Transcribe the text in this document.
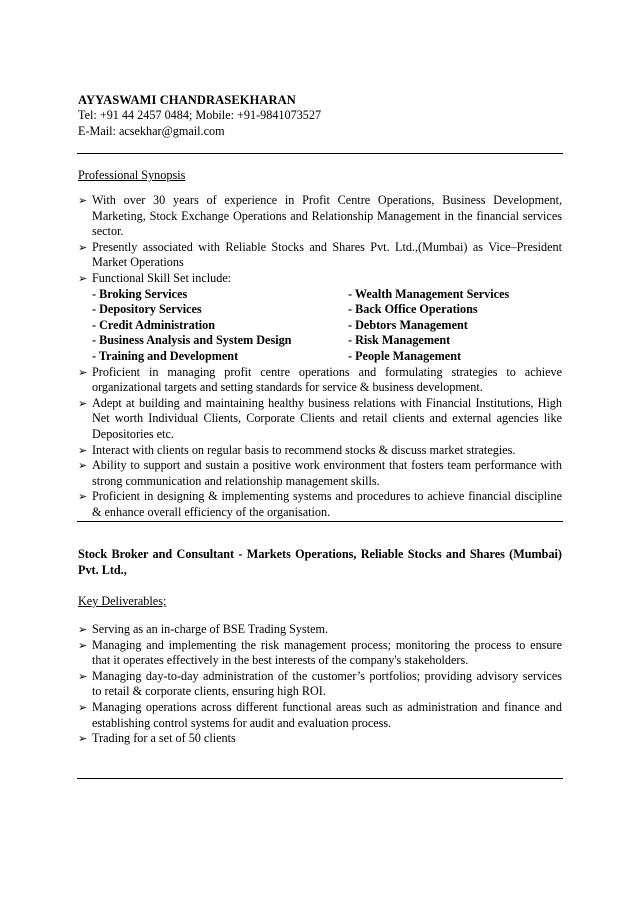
AYYASWAMI CHANDRASEKHARAN
Tel: +91 44 2457 0484; Mobile: +91-9841073527
E-Mail: acsekhar@gmail.com
Professional Synopsis
➢ With over 30 years of experience in Profit Centre Operations, Business Development, Marketing, Stock Exchange Operations and Relationship Management in the financial services sector.
➢ Presently associated with Reliable Stocks and Shares Pvt. Ltd.,(Mumbai) as Vice–President Market Operations
➢ Functional Skill Set include:
- Broking Services	- Wealth Management Services
- Depository Services	- Back Office Operations
- Credit Administration	- Debtors Management
- Business Analysis and System Design	- Risk Management
- Training and Development	- People Management
➢ Proficient in managing profit centre operations and formulating strategies to achieve organizational targets and setting standards for service & business development.
➢ Adept at building and maintaining healthy business relations with Financial Institutions, High Net worth Individual Clients, Corporate Clients and retail clients and external agencies like Depositories etc.
➢ Interact with clients on regular basis to recommend stocks & discuss market strategies.
➢ Ability to support and sustain a positive work environment that fosters team performance with strong communication and relationship management skills.
➢ Proficient in designing & implementing systems and procedures to achieve financial discipline & enhance overall efficiency of the organisation.
Stock Broker and Consultant - Markets Operations, Reliable Stocks and Shares (Mumbai) Pvt. Ltd.,
Key Deliverables;
➢ Serving as an in-charge of BSE Trading System.
➢ Managing and implementing the risk management process; monitoring the process to ensure that it operates effectively in the best interests of the company's stakeholders.
➢ Managing day-to-day administration of the customer’s portfolios; providing advisory services to retail & corporate clients, ensuring high ROI.
➢ Managing operations across different functional areas such as administration and finance and establishing control systems for audit and evaluation process.
➢ Trading for a set of 50 clients
